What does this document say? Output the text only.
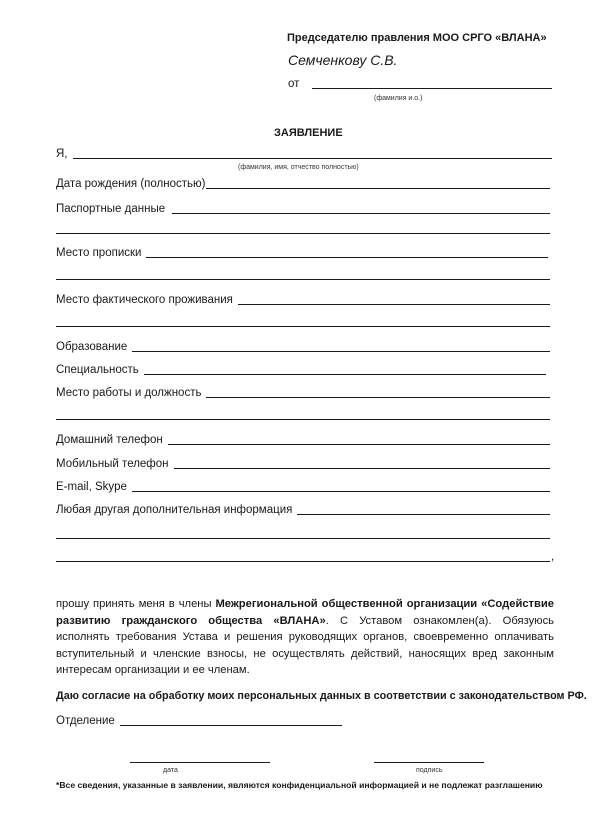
Председателю правления МОО СРГО «ВЛАНА»
Семченкову С.В.
от
(фамилия и.о.)
ЗАЯВЛЕНИЕ
Я,
(фамилия, имя, отчество полностью)
Дата рождения (полностью)
Паспортные данные
Место прописки
Место фактического проживания
Образование
Специальность
Место работы и должность
Домашний телефон
Мобильный телефон
E-mail, Skype
Любая другая дополнительная информация
,

прошу принять меня в члены Межрегиональной общественной организации «Содействие развитию гражданского общества «ВЛАНА». С Уставом ознакомлен(а). Обязуюсь исполнять требования Устава и решения руководящих органов, своевременно оплачивать вступительный и членские взносы, не осуществлять действий, наносящих вред законным интересам организации и ее членам.

Даю согласие на обработку моих персональных данных в соответствии с законодательством РФ.
Отделение
дата	подпись
*Все сведения, указанные в заявлении, являются конфиденциальной информацией и не подлежат разглашению
